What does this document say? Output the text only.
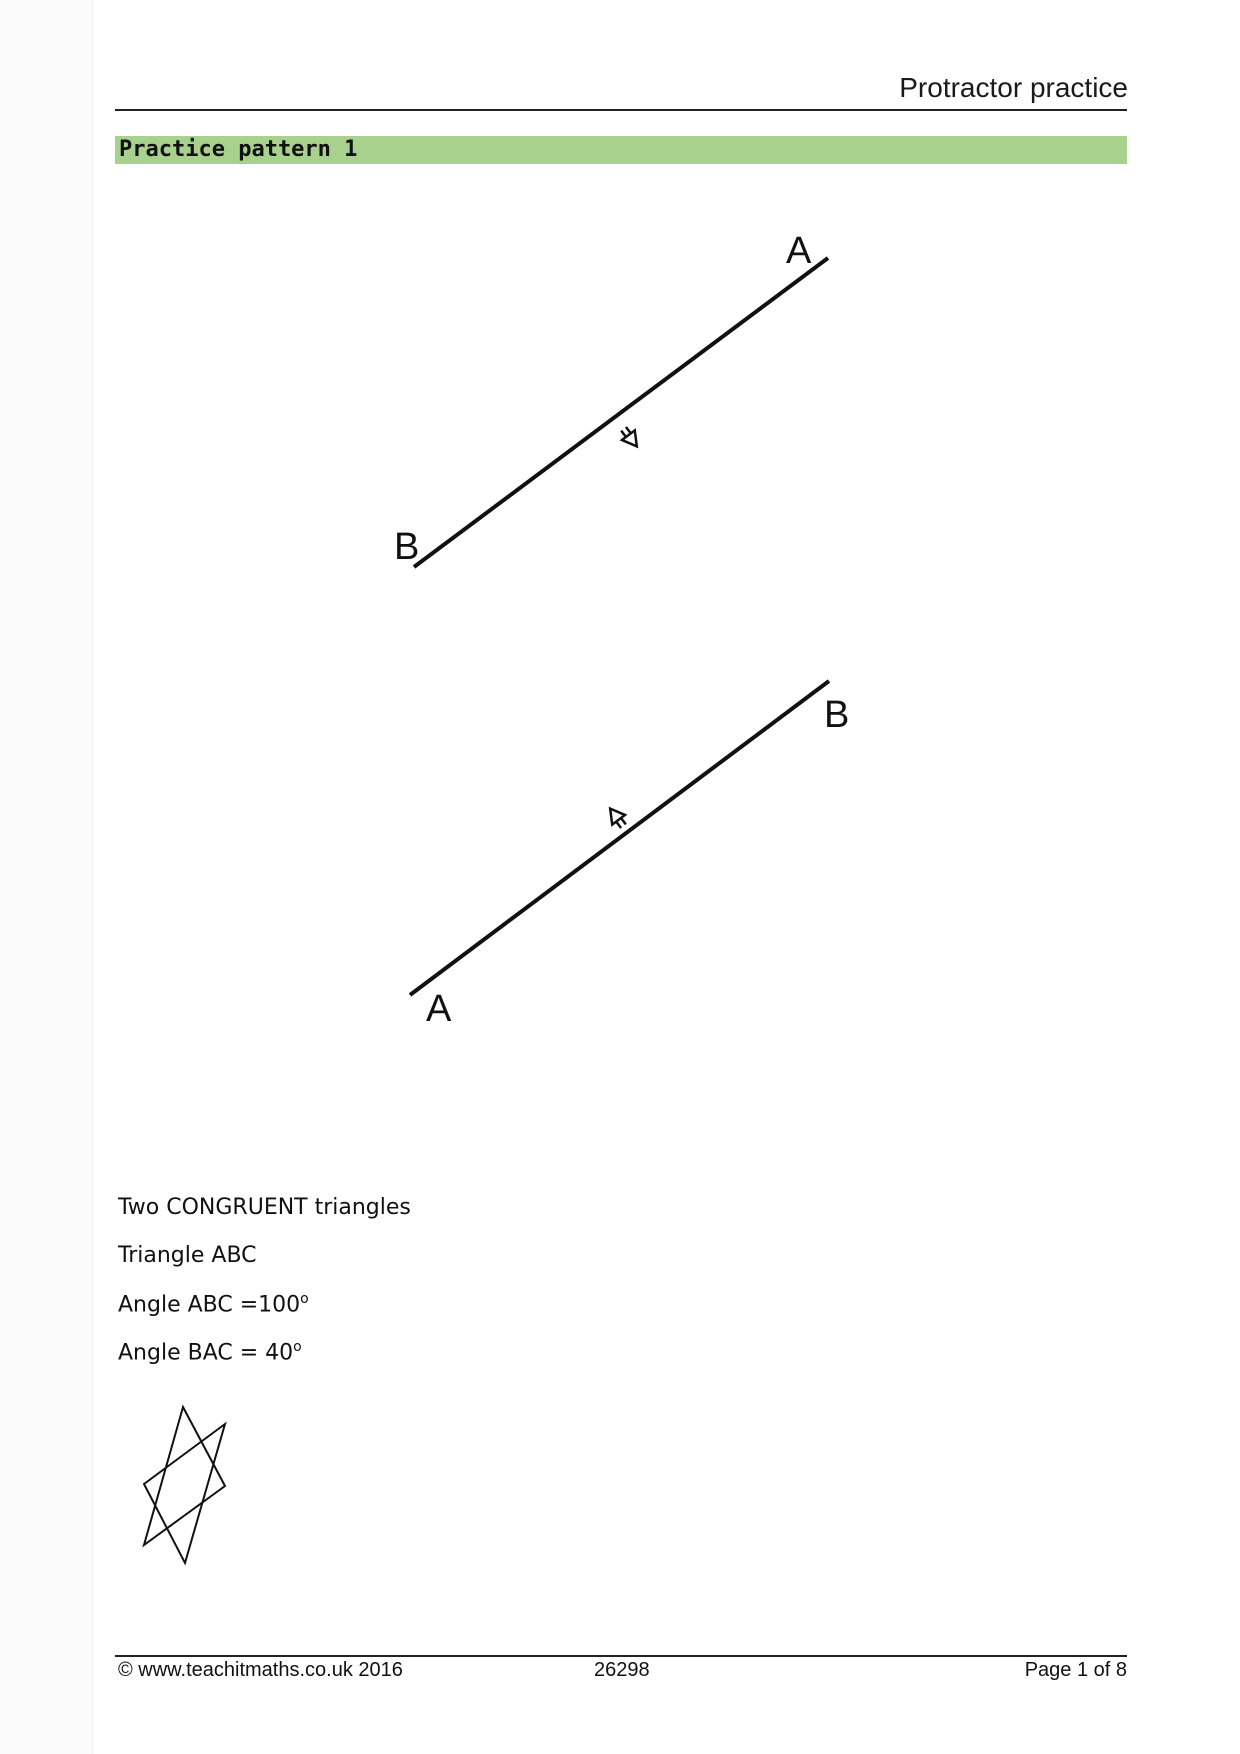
Protractor practice
Practice pattern 1
A
B
B
A
Two CONGRUENT triangles
Triangle ABC
Angle ABC $=100^o$
Angle BAC = $40^o$
© www.teachitmaths.co.uk 2016	26298	Page 1 of 8
